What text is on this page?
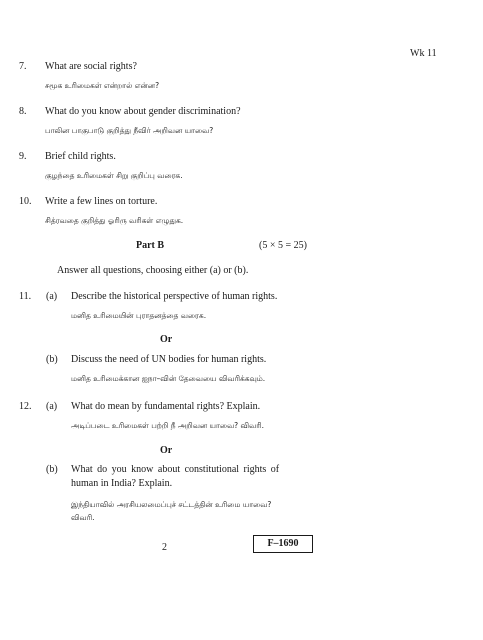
Wk 11
7. What are social rights?
சமூக உரிமைகள் என்றால் என்ன?
8. What do you know about gender discrimination?
பாலின பாகுபாடு குறித்து நீவிர் அறிவன யாவை?
9. Brief child rights.
குழந்தை உரிமைகள் சிறு குறிப்பு வரைக.
10. Write a few lines on torture.
சித்ரவதை குறித்து ஓரிரு வரிகள் எழுதுக.
Part B	(5 × 5 = 25)
Answer all questions, choosing either (a) or (b).
11. (a) Describe the historical perspective of human rights.
மனித உரிமையின் புராதனத்தை வரைக.
Or
(b) Discuss the need of UN bodies for human rights.
மனித உரிமைக்கான ஐநா–வின் தேவையை விவரிக்கவும்.
12. (a) What do mean by fundamental rights? Explain.
அடிப்படை உரிமைகள் பற்றி நீ அறிவன யாவை? விவரி.
Or
(b) What do you know about constitutional rights of
human in India? Explain.
இந்தியாவில் அரசியலமைப்புச் சட்டத்தின் உரிமை யாவை?
விவரி.
2	F–1690
